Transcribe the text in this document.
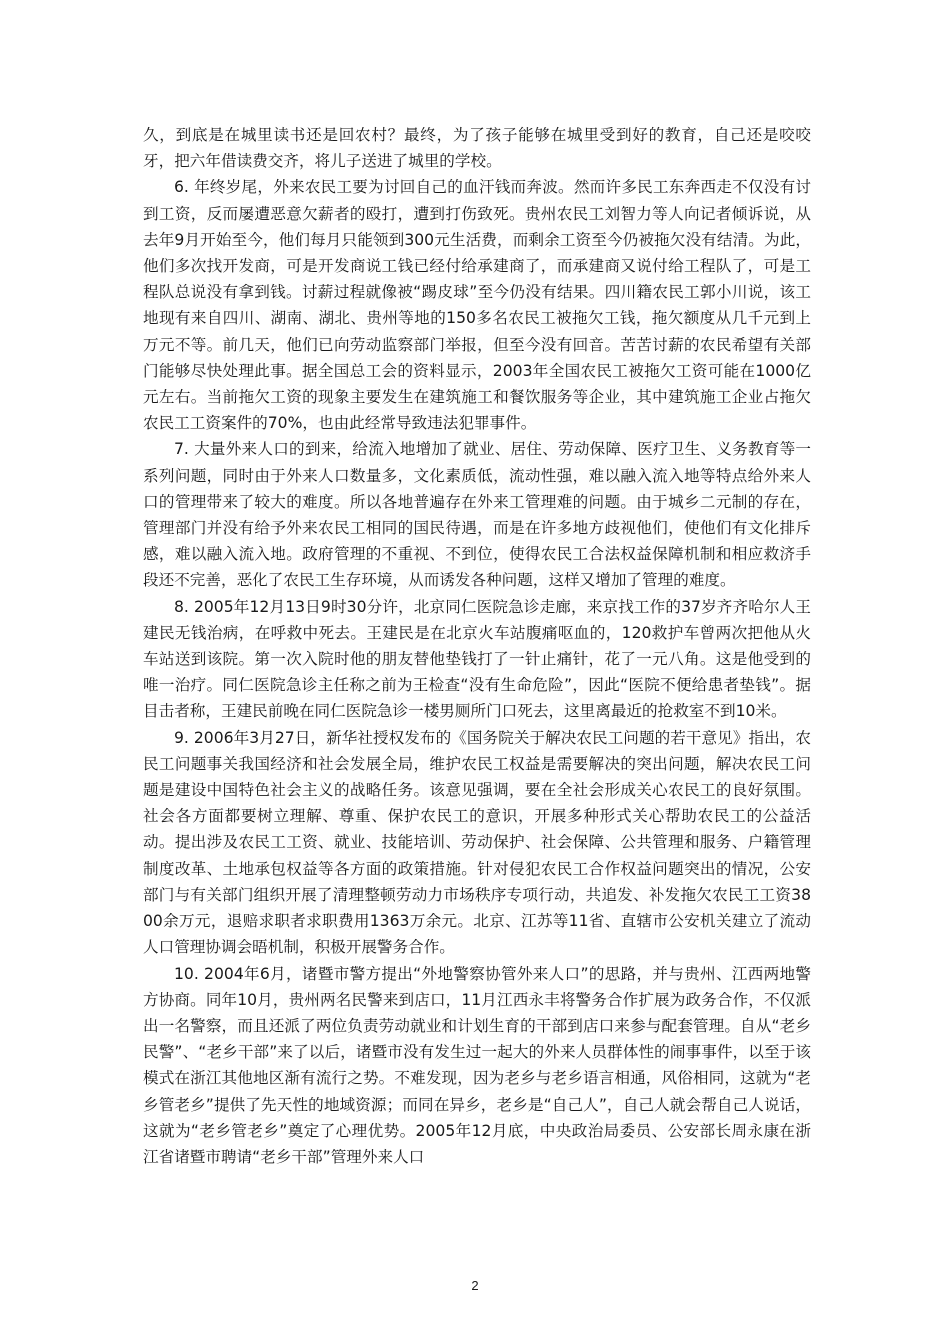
久，到底是在城里读书还是回农村？最终，为了孩子能够在城里受到好的教育，自己还是咬咬牙，把六年借读费交齐，将儿子送进了城里的学校。

6. 年终岁尾，外来农民工要为讨回自己的血汗钱而奔波。然而许多民工东奔西走不仅没有讨到工资，反而屡遭恶意欠薪者的殴打，遭到打伤致死。贵州农民工刘智力等人向记者倾诉说，从去年9月开始至今，他们每月只能领到300元生活费，而剩余工资至今仍被拖欠没有结清。为此，他们多次找开发商，可是开发商说工钱已经付给承建商了，而承建商又说付给工程队了，可是工程队总说没有拿到钱。讨薪过程就像被“踢皮球”至今仍没有结果。四川籍农民工郭小川说，该工地现有来自四川、湖南、湖北、贵州等地的150多名农民工被拖欠工钱，拖欠额度从几千元到上万元不等。前几天，他们已向劳动监察部门举报，但至今没有回音。苦苦讨薪的农民希望有关部门能够尽快处理此事。据全国总工会的资料显示，2003年全国农民工被拖欠工资可能在1000亿元左右。当前拖欠工资的现象主要发生在建筑施工和餐饮服务等企业，其中建筑施工企业占拖欠农民工工资案件的70%，也由此经常导致违法犯罪事件。

7. 大量外来人口的到来，给流入地增加了就业、居住、劳动保障、医疗卫生、义务教育等一系列问题，同时由于外来人口数量多，文化素质低，流动性强，难以融入流入地等特点给外来人口的管理带来了较大的难度。所以各地普遍存在外来工管理难的问题。由于城乡二元制的存在，管理部门并没有给予外来农民工相同的国民待遇，而是在许多地方歧视他们，使他们有文化排斥感，难以融入流入地。政府管理的不重视、不到位，使得农民工合法权益保障机制和相应救济手段还不完善，恶化了农民工生存环境，从而诱发各种问题，这样又增加了管理的难度。

8. 2005年12月13日9时30分许，北京同仁医院急诊走廊，来京找工作的37岁齐齐哈尔人王建民无钱治病，在呼救中死去。王建民是在北京火车站腹痛呕血的，120救护车曾两次把他从火车站送到该院。第一次入院时他的朋友替他垫钱打了一针止痛针，花了一元八角。这是他受到的唯一治疗。同仁医院急诊主任称之前为王检查“没有生命危险”，因此“医院不便给患者垫钱”。据目击者称，王建民前晚在同仁医院急诊一楼男厕所门口死去，这里离最近的抢救室不到10米。

9. 2006年3月27日，新华社授权发布的《国务院关于解决农民工问题的若干意见》指出，农民工问题事关我国经济和社会发展全局，维护农民工权益是需要解决的突出问题，解决农民工问题是建设中国特色社会主义的战略任务。该意见强调，要在全社会形成关心农民工的良好氛围。社会各方面都要树立理解、尊重、保护农民工的意识，开展多种形式关心帮助农民工的公益活动。提出涉及农民工工资、就业、技能培训、劳动保护、社会保障、公共管理和服务、户籍管理制度改革、土地承包权益等各方面的政策措施。针对侵犯农民工合作权益问题突出的情况，公安部门与有关部门组织开展了清理整顿劳动力市场秩序专项行动，共追发、补发拖欠农民工工资3800余万元，退赔求职者求职费用1363万余元。北京、江苏等11省、直辖市公安机关建立了流动人口管理协调会晤机制，积极开展警务合作。

10. 2004年6月，诸暨市警方提出“外地警察协管外来人口”的思路，并与贵州、江西两地警方协商。同年10月，贵州两名民警来到店口，11月江西永丰将警务合作扩展为政务合作，不仅派出一名警察，而且还派了两位负责劳动就业和计划生育的干部到店口来参与配套管理。自从“老乡民警”、“老乡干部”来了以后，诸暨市没有发生过一起大的外来人员群体性的闹事事件，以至于该模式在浙江其他地区渐有流行之势。不难发现，因为老乡与老乡语言相通，风俗相同，这就为“老乡管老乡”提供了先天性的地域资源；而同在异乡，老乡是“自己人”，自己人就会帮自己人说话，这就为“老乡管老乡”奠定了心理优势。2005年12月底，中央政治局委员、公安部长周永康在浙江省诸暨市聘请“老乡干部”管理外来人口

2
